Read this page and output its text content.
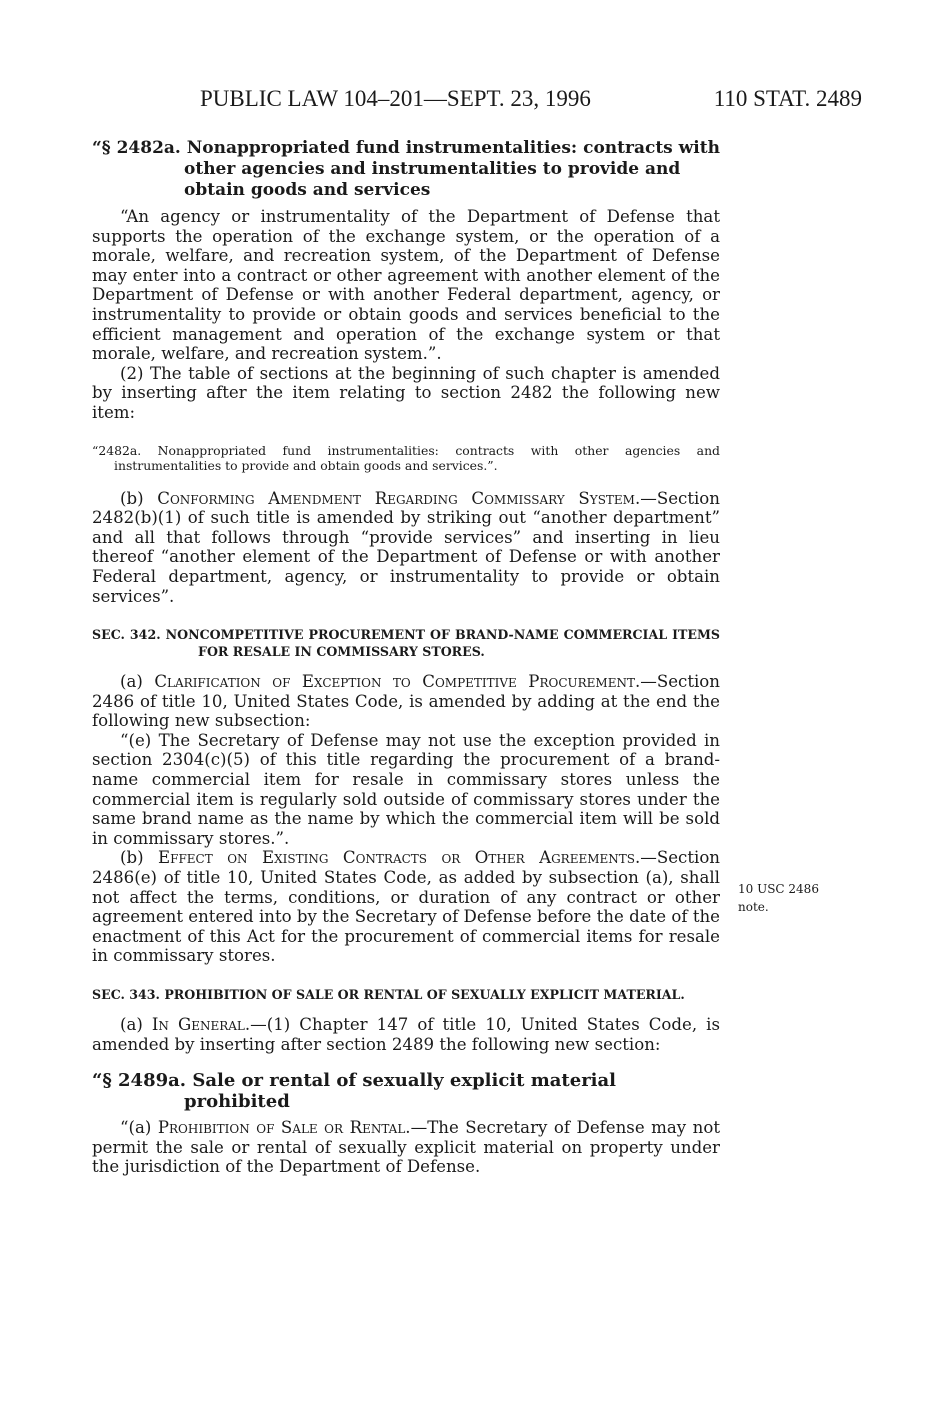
PUBLIC LAW 104–201—SEPT. 23, 1996	110 STAT. 2489

“§ 2482a. Nonappropriated fund instrumentalities: contracts with other agencies and instrumentalities to provide and obtain goods and services

“An agency or instrumentality of the Department of Defense that supports the operation of the exchange system, or the operation of a morale, welfare, and recreation system, of the Department of Defense may enter into a contract or other agreement with another element of the Department of Defense or with another Federal department, agency, or instrumentality to provide or obtain goods and services beneficial to the efficient management and operation of the exchange system or that morale, welfare, and recreation system.”.

(2) The table of sections at the beginning of such chapter is amended by inserting after the item relating to section 2482 the following new item:

“2482a. Nonappropriated fund instrumentalities: contracts with other agencies and instrumentalities to provide and obtain goods and services.”.

(b) Conforming Amendment Regarding Commissary System.—Section 2482(b)(1) of such title is amended by striking out “another department” and all that follows through “provide services” and inserting in lieu thereof “another element of the Department of Defense or with another Federal department, agency, or instrumentality to provide or obtain services”.

SEC. 342. NONCOMPETITIVE PROCUREMENT OF BRAND-NAME COMMERCIAL ITEMS FOR RESALE IN COMMISSARY STORES.

(a) Clarification of Exception to Competitive Procurement.—Section 2486 of title 10, United States Code, is amended by adding at the end the following new subsection:

“(e) The Secretary of Defense may not use the exception provided in section 2304(c)(5) of this title regarding the procurement of a brand-name commercial item for resale in commissary stores unless the commercial item is regularly sold outside of commissary stores under the same brand name as the name by which the commercial item will be sold in commissary stores.”.

(b) Effect on Existing Contracts or Other Agreements.—Section 2486(e) of title 10, United States Code, as added by subsection (a), shall not affect the terms, conditions, or duration of any contract or other agreement entered into by the Secretary of Defense before the date of the enactment of this Act for the procurement of commercial items for resale in commissary stores.

SEC. 343. PROHIBITION OF SALE OR RENTAL OF SEXUALLY EXPLICIT MATERIAL.

(a) In General.—(1) Chapter 147 of title 10, United States Code, is amended by inserting after section 2489 the following new section:

“§ 2489a. Sale or rental of sexually explicit material prohibited

“(a) Prohibition of Sale or Rental.—The Secretary of Defense may not permit the sale or rental of sexually explicit material on property under the jurisdiction of the Department of Defense.

10 USC 2486
note.
